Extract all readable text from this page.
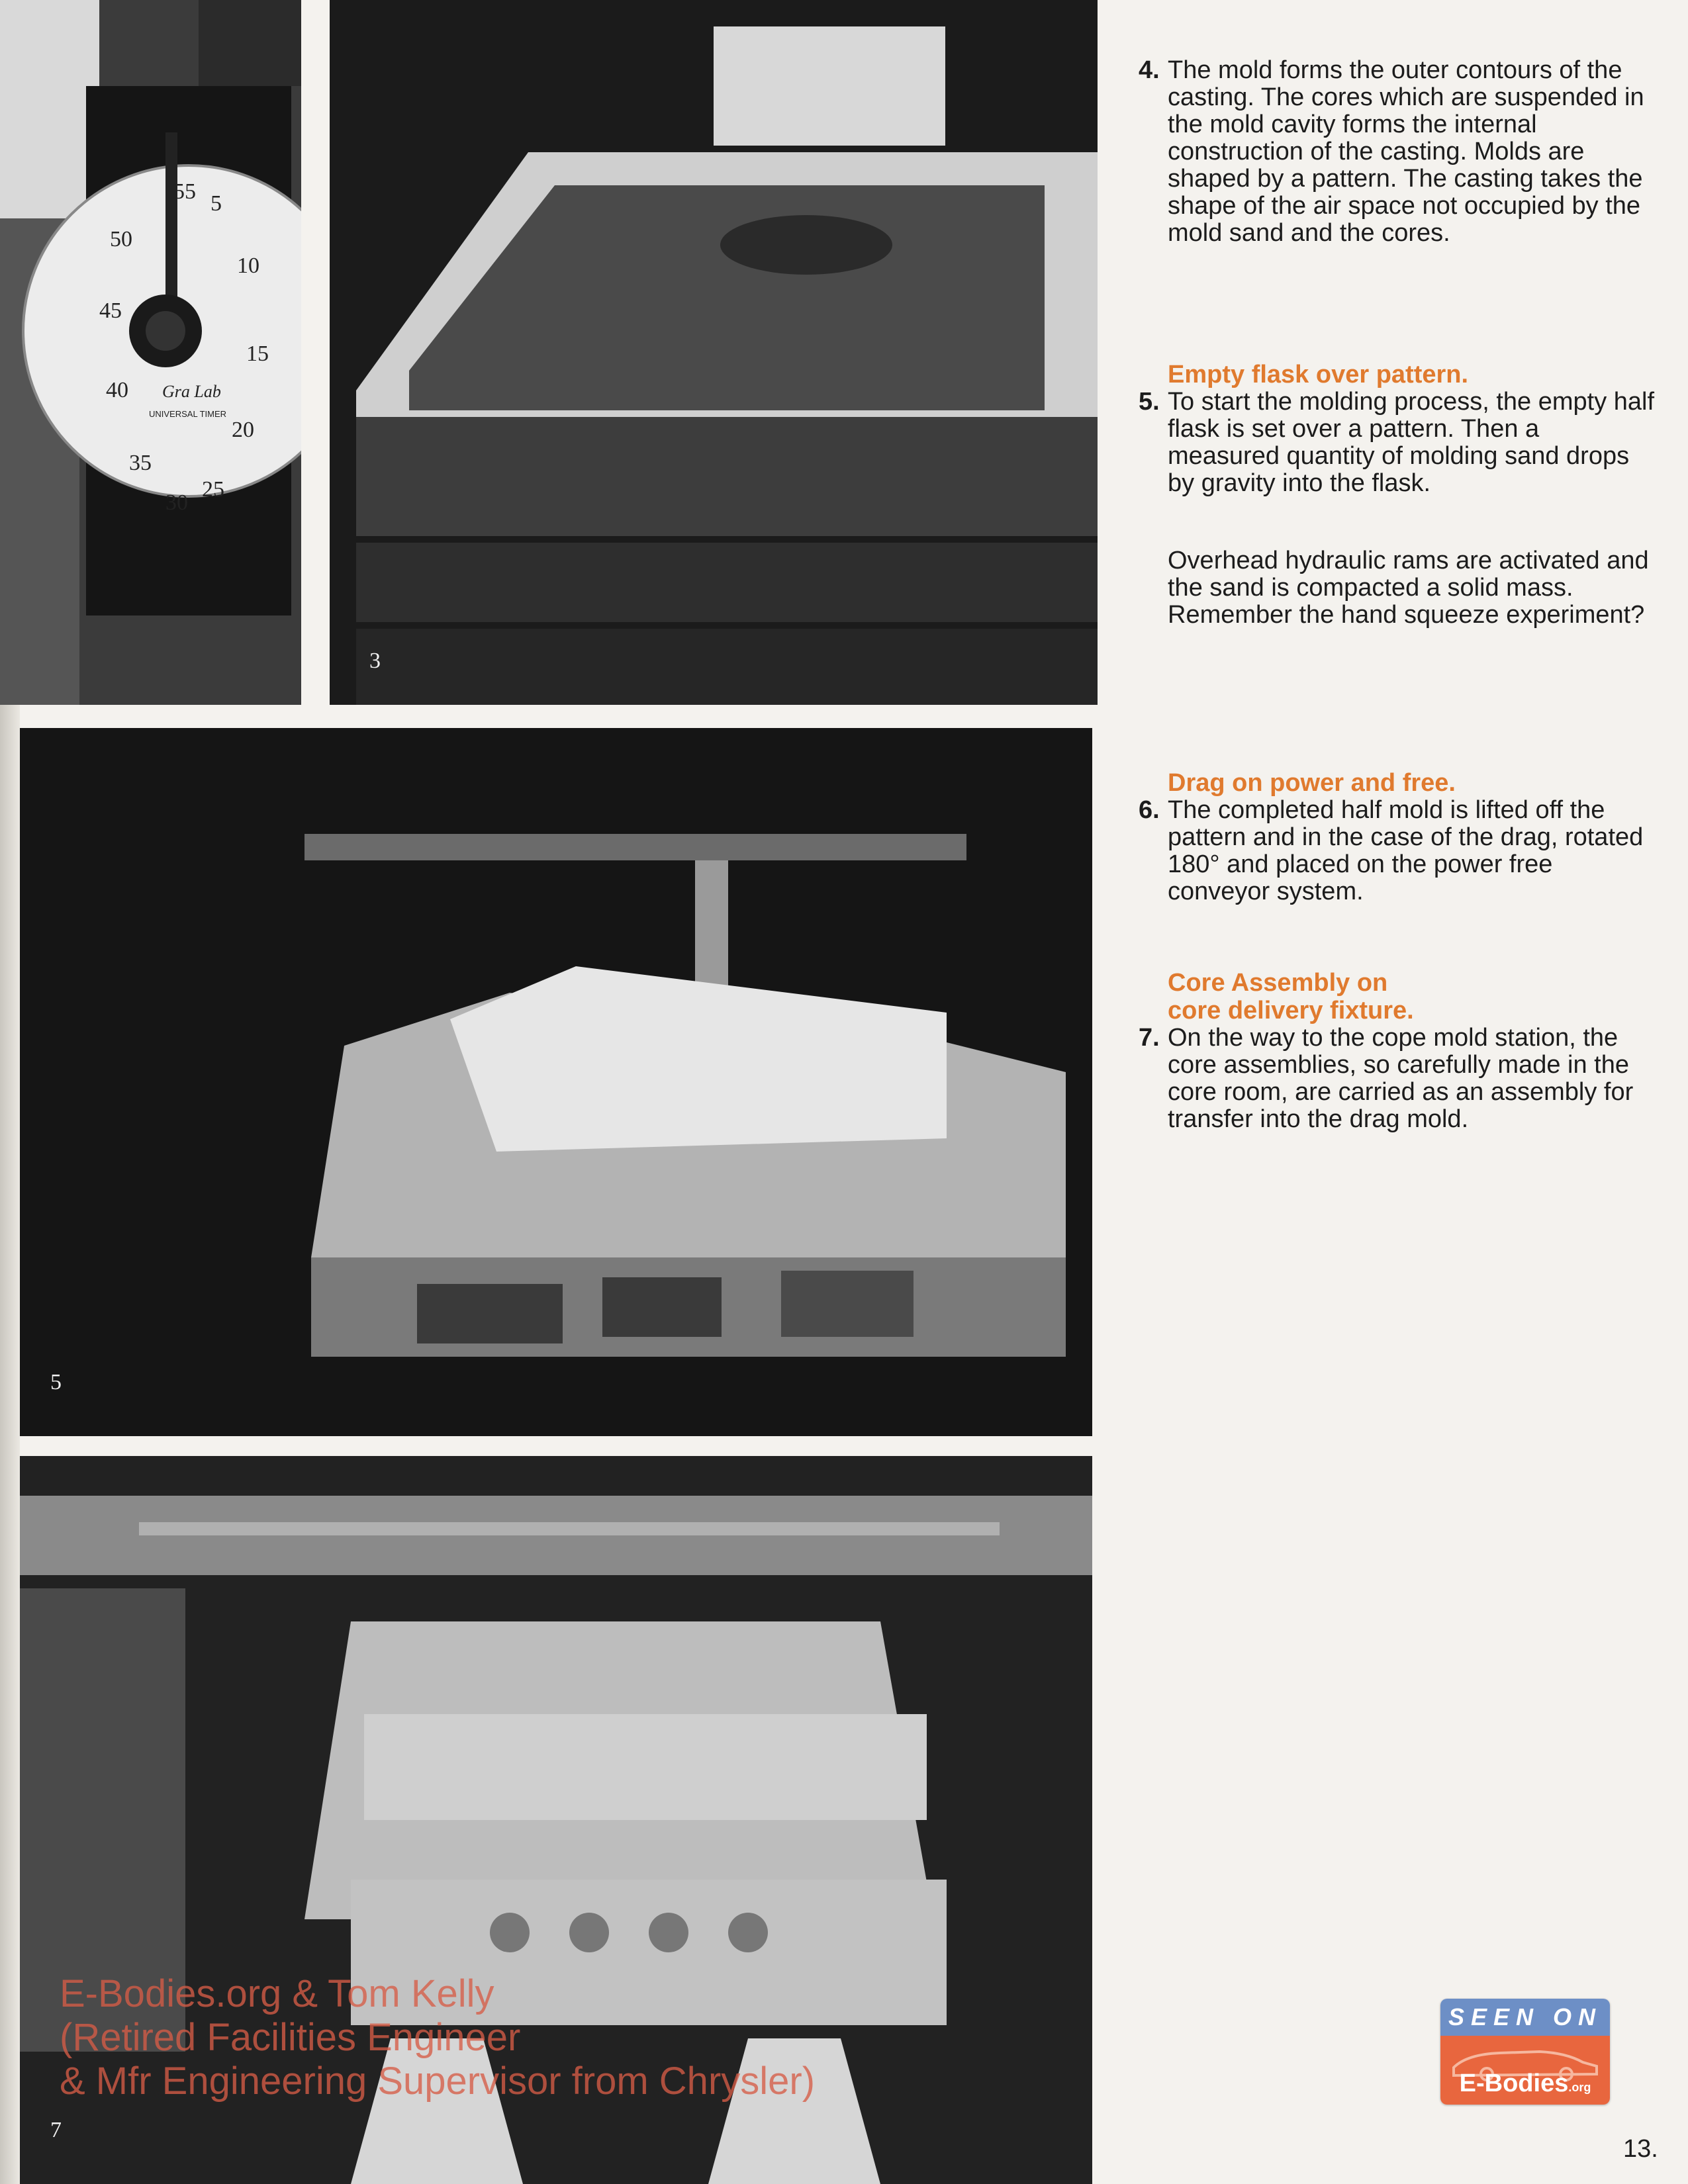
55 5
50
10
45
15
40
20
35
25
30
Gra Lab
UNIVERSAL TIMER
3
5
7
4. The mold forms the outer contours of the casting. The cores which are suspended in the mold cavity forms the internal construction of the casting. Molds are shaped by a pattern. The casting takes the shape of the air space not occupied by the mold sand and the cores.
Empty flask over pattern.
5. To start the molding process, the empty half flask is set over a pattern. Then a measured quantity of molding sand drops by gravity into the flask.
Overhead hydraulic rams are activated and the sand is compacted a solid mass. Remember the hand squeeze experiment?
Drag on power and free.
6. The completed half mold is lifted off the pattern and in the case of the drag, rotated 180° and placed on the power free conveyor system.
Core Assembly on
core delivery fixture.
7. On the way to the cope mold station, the core assemblies, so carefully made in the core room, are carried as an assembly for transfer into the drag mold.
E-Bodies.org & Tom Kelly
(Retired Facilities Engineer
& Mfr Engineering Supervisor from Chrysler)
SEEN ON
E-Bodies.org
13.
